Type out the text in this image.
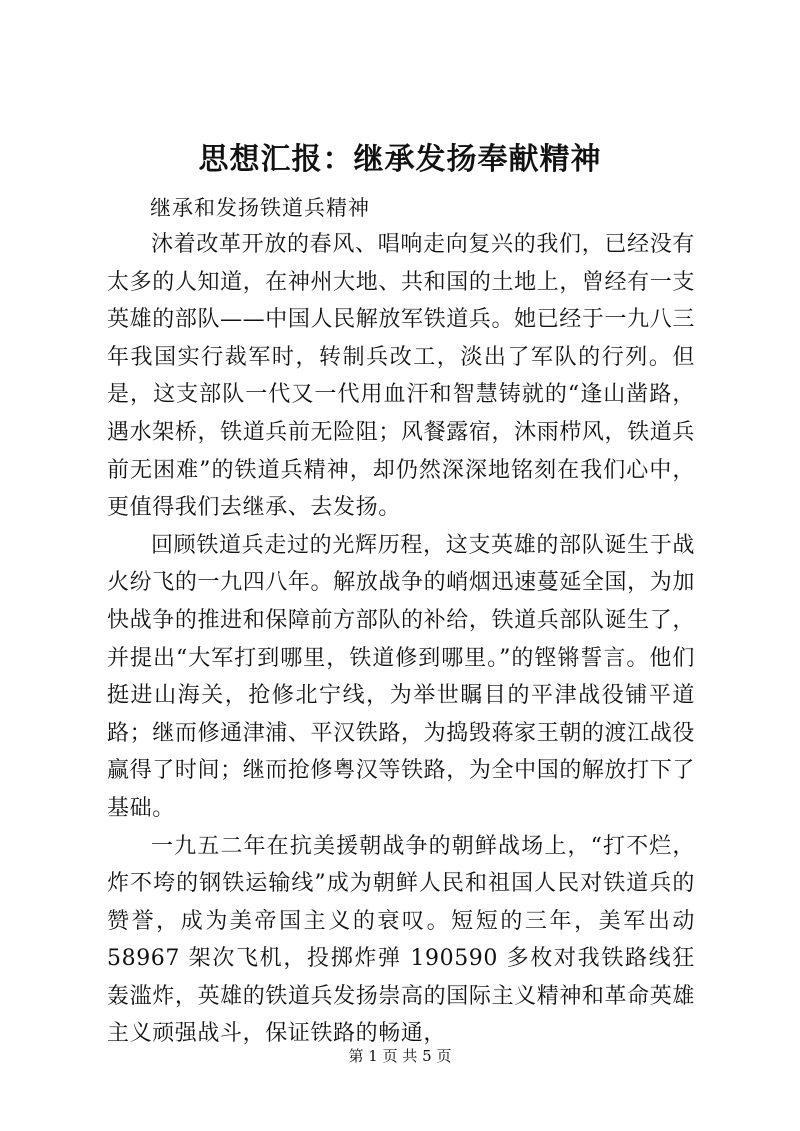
思想汇报：继承发扬奉献精神

继承和发扬铁道兵精神

沐着改革开放的春风、唱响走向复兴的我们，已经没有太多的人知道，在神州大地、共和国的土地上，曾经有一支英雄的部队——中国人民解放军铁道兵。她已经于一九八三年我国实行裁军时，转制兵改工，淡出了军队的行列。但是，这支部队一代又一代用血汗和智慧铸就的“逢山凿路，遇水架桥，铁道兵前无险阻；风餐露宿，沐雨栉风，铁道兵前无困难”的铁道兵精神，却仍然深深地铭刻在我们心中，更值得我们去继承、去发扬。

回顾铁道兵走过的光辉历程，这支英雄的部队诞生于战火纷飞的一九四八年。解放战争的峭烟迅速蔓延全国，为加快战争的推进和保障前方部队的补给，铁道兵部队诞生了，并提出“大军打到哪里，铁道修到哪里。”的铿锵誓言。他们挺进山海关，抢修北宁线，为举世瞩目的平津战役铺平道路；继而修通津浦、平汉铁路，为捣毁蒋家王朝的渡江战役赢得了时间；继而抢修粤汉等铁路，为全中国的解放打下了基础。

一九五二年在抗美援朝战争的朝鲜战场上，“打不烂，炸不垮的钢铁运输线”成为朝鲜人民和祖国人民对铁道兵的赞誉，成为美帝国主义的衰叹。短短的三年，美军出动 58967 架次飞机，投掷炸弹 190590 多枚对我铁路线狂轰滥炸，英雄的铁道兵发扬崇高的国际主义精神和革命英雄主义顽强战斗，保证铁路的畅通，

第 1 页 共 5 页
